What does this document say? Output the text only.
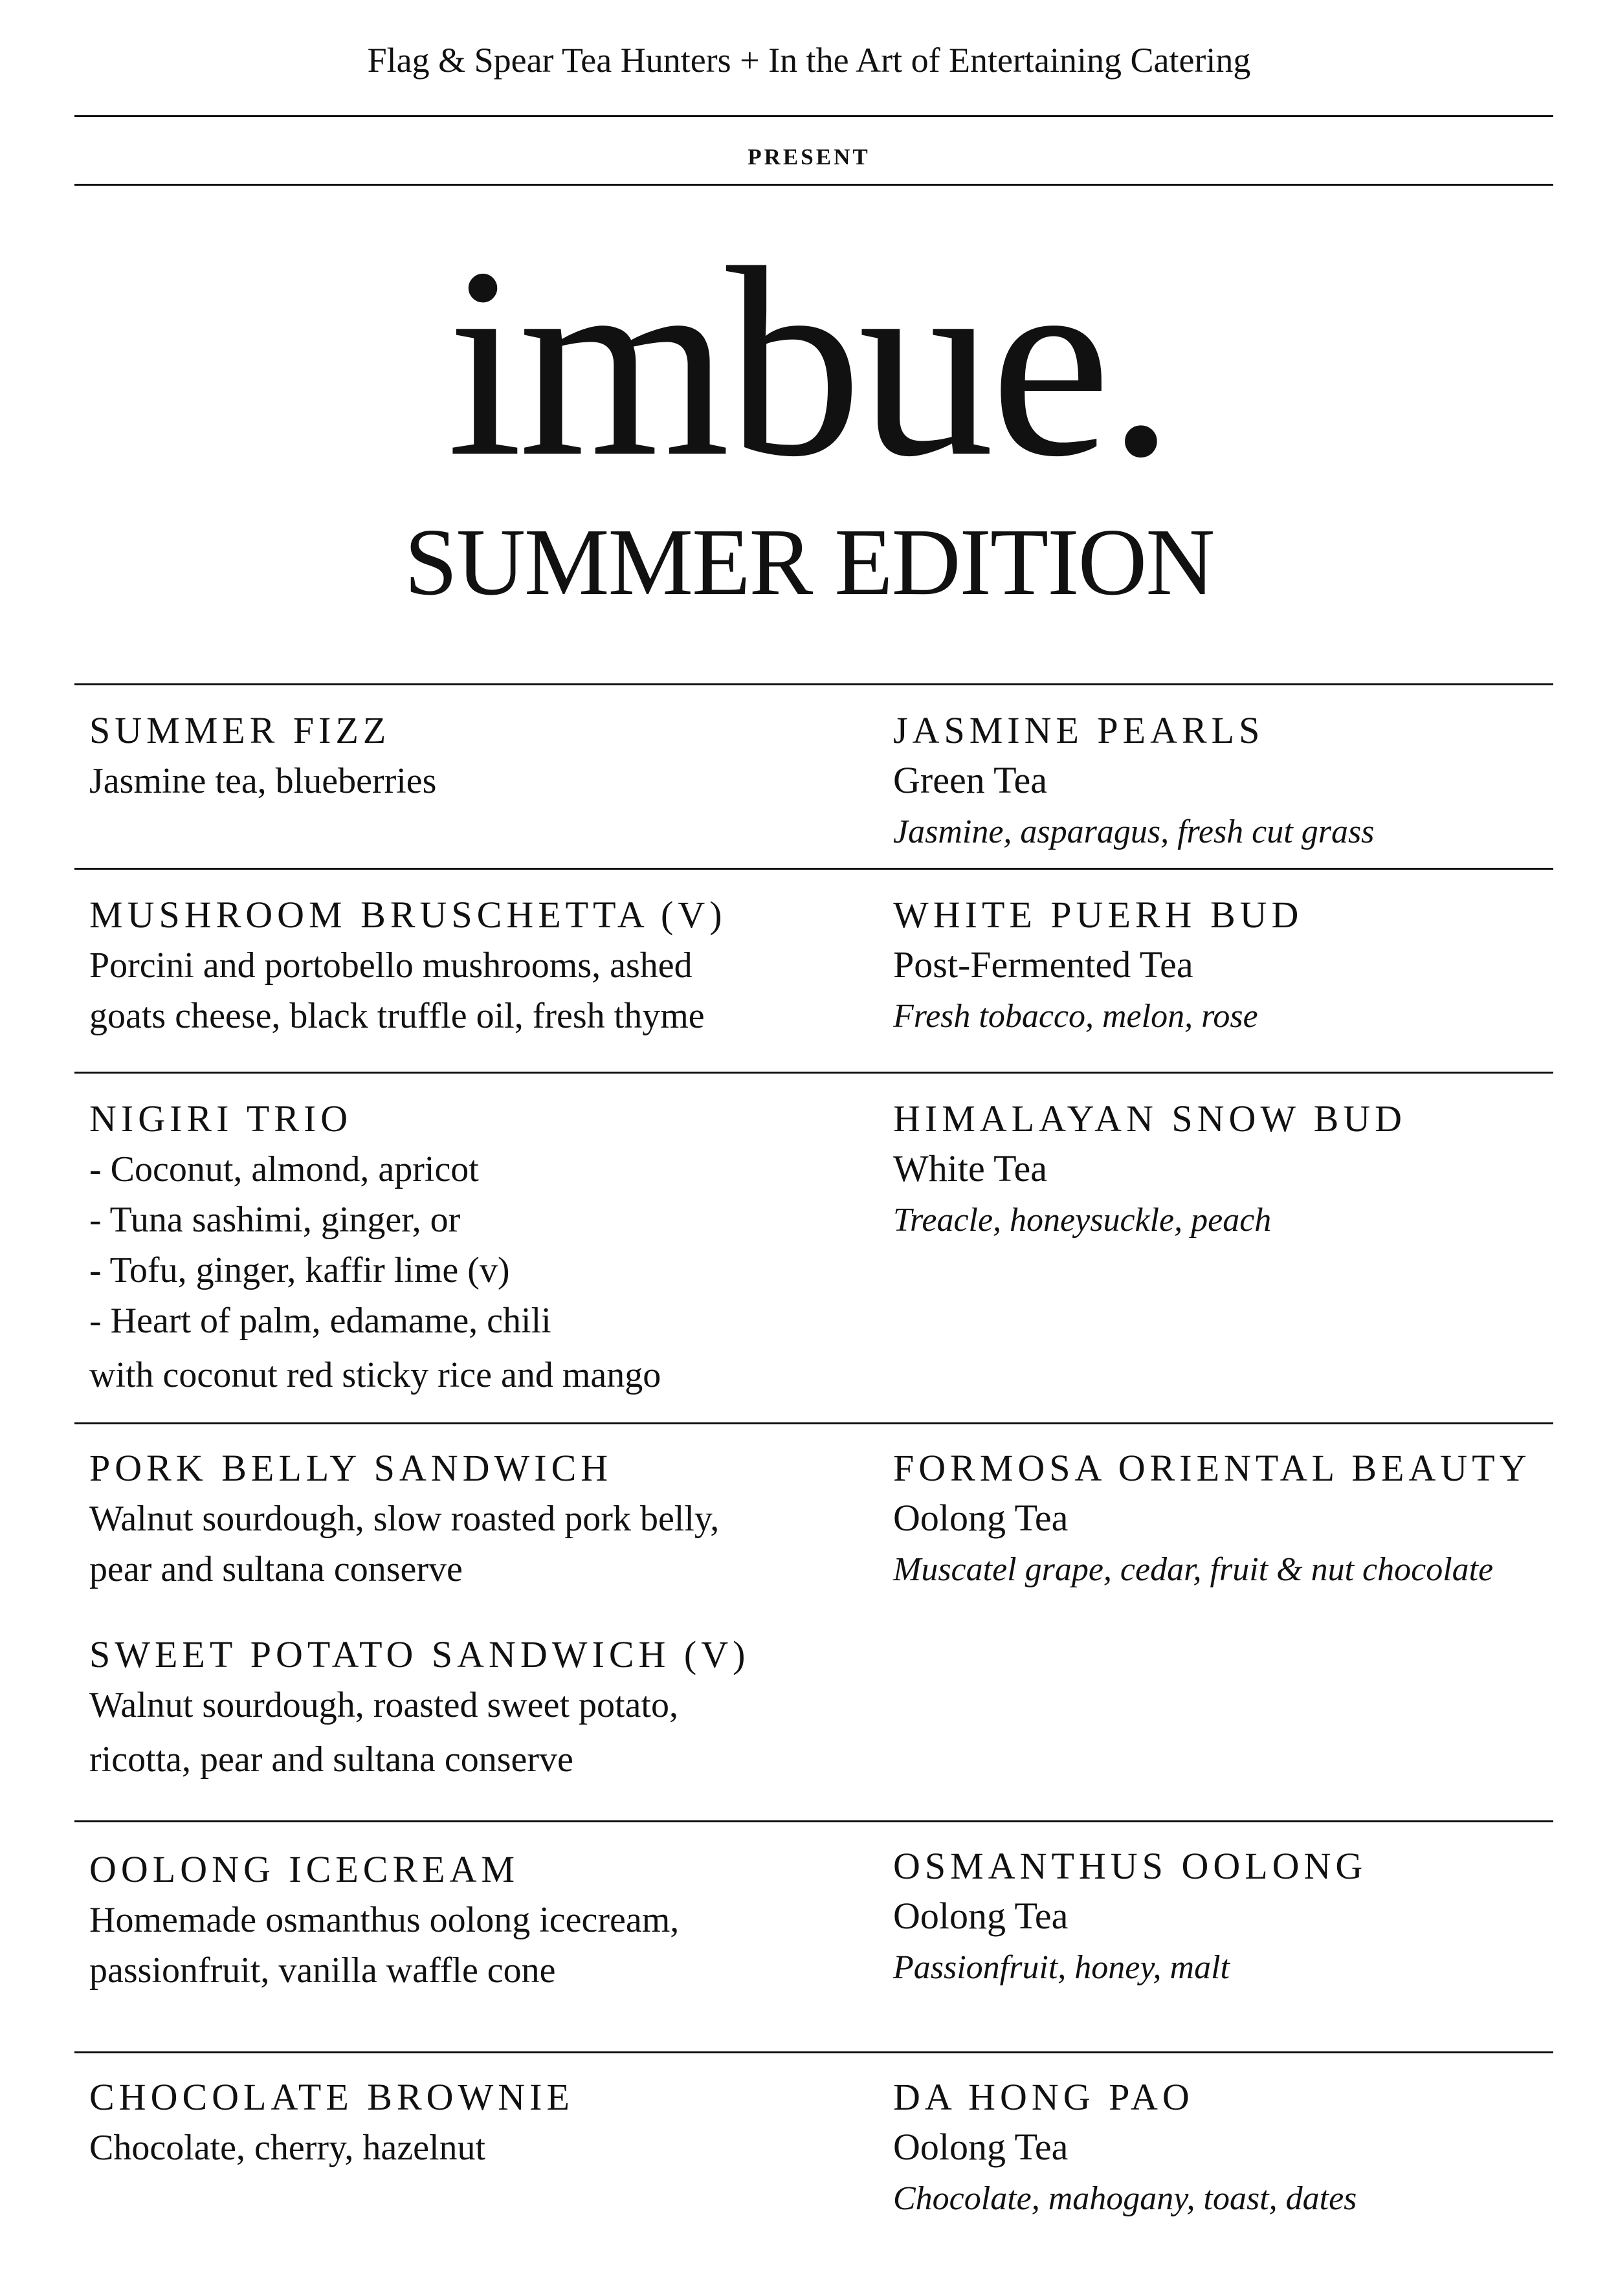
Flag & Spear Tea Hunters + In the Art of Entertaining Catering
present
imbue.
SUMMER EDITION
SUMMER FIZZ
Jasmine tea, blueberries
JASMINE PEARLS
Green Tea
Jasmine, asparagus, fresh cut grass
MUSHROOM BRUSCHETTA (V)
Porcini and portobello mushrooms, ashed
goats cheese, black truffle oil, fresh thyme
WHITE PUERH BUD
Post-Fermented Tea
Fresh tobacco, melon, rose
NIGIRI TRIO
- Coconut, almond, apricot
- Tuna sashimi, ginger, or
- Tofu, ginger, kaffir lime (v)
- Heart of palm, edamame, chili
with coconut red sticky rice and mango
HIMALAYAN SNOW BUD
White Tea
Treacle, honeysuckle, peach
PORK BELLY SANDWICH
Walnut sourdough, slow roasted pork belly,
pear and sultana conserve
SWEET POTATO SANDWICH (V)
Walnut sourdough, roasted sweet potato,
ricotta, pear and sultana conserve
FORMOSA ORIENTAL BEAUTY
Oolong Tea
Muscatel grape, cedar, fruit & nut chocolate
OOLONG ICECREAM
Homemade osmanthus oolong icecream,
passionfruit, vanilla waffle cone
OSMANTHUS OOLONG
Oolong Tea
Passionfruit, honey, malt
CHOCOLATE BROWNIE
Chocolate, cherry, hazelnut
DA HONG PAO
Oolong Tea
Chocolate, mahogany, toast, dates
